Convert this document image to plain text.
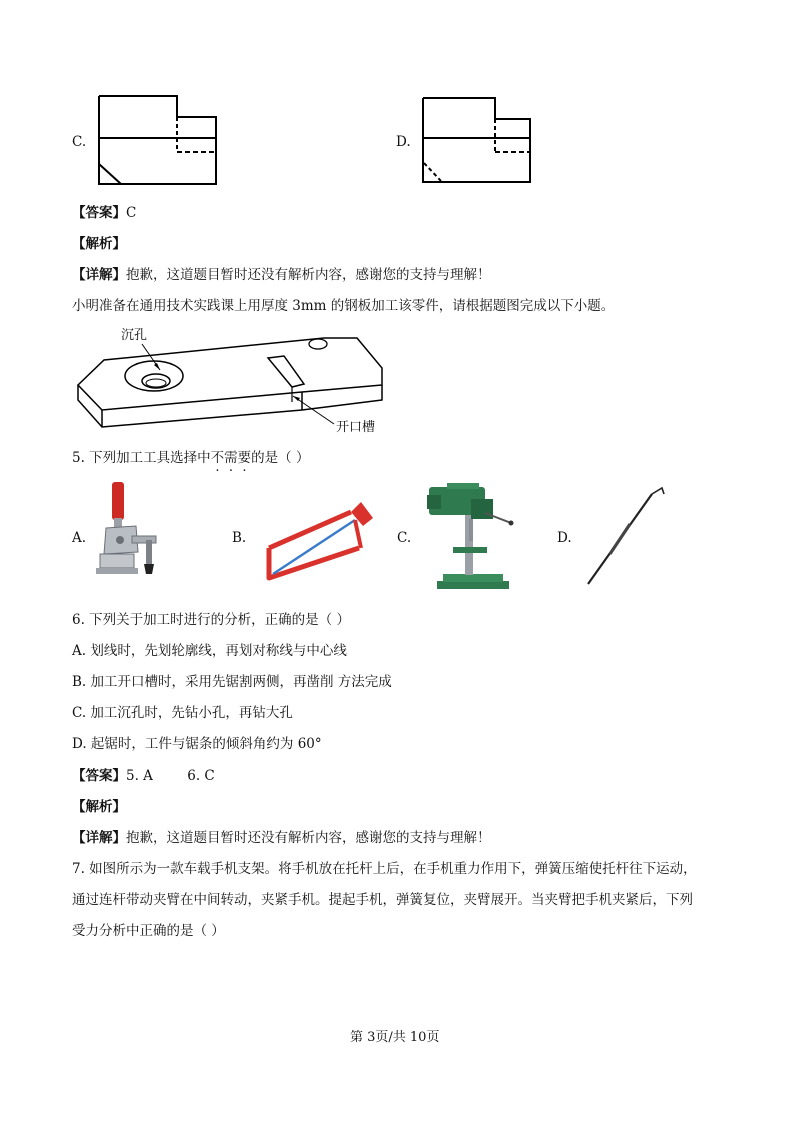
C.	D.
【答案】C
【解析】
【详解】抱歉，这道题目暂时还没有解析内容，感谢您的支持与理解！
小明准备在通用技术实践课上用厚度 3mm 的钢板加工该零件，请根据题图完成以下小题。
沉孔
开口槽
5. 下列加工工具选择中不需要的是（ ）
A.	B.	C.	D.
6. 下列关于加工时进行的分析，正确的是（ ）
A. 划线时，先划轮廓线，再划对称线与中心线
B. 加工开口槽时，采用先锯割两侧，再凿削 方法完成
C. 加工沉孔时，先钻小孔，再钻大孔
D. 起锯时，工件与锯条的倾斜角约为 60°
【答案】5. A        6. C
【解析】
【详解】抱歉，这道题目暂时还没有解析内容，感谢您的支持与理解！
7. 如图所示为一款车载手机支架。将手机放在托杆上后，在手机重力作用下，弹簧压缩使托杆往下运动，
通过连杆带动夹臂在中间转动，夹紧手机。提起手机，弹簧复位，夹臂展开。当夹臂把手机夹紧后，下列
受力分析中正确的是（ ）
第 3页/共 10页
